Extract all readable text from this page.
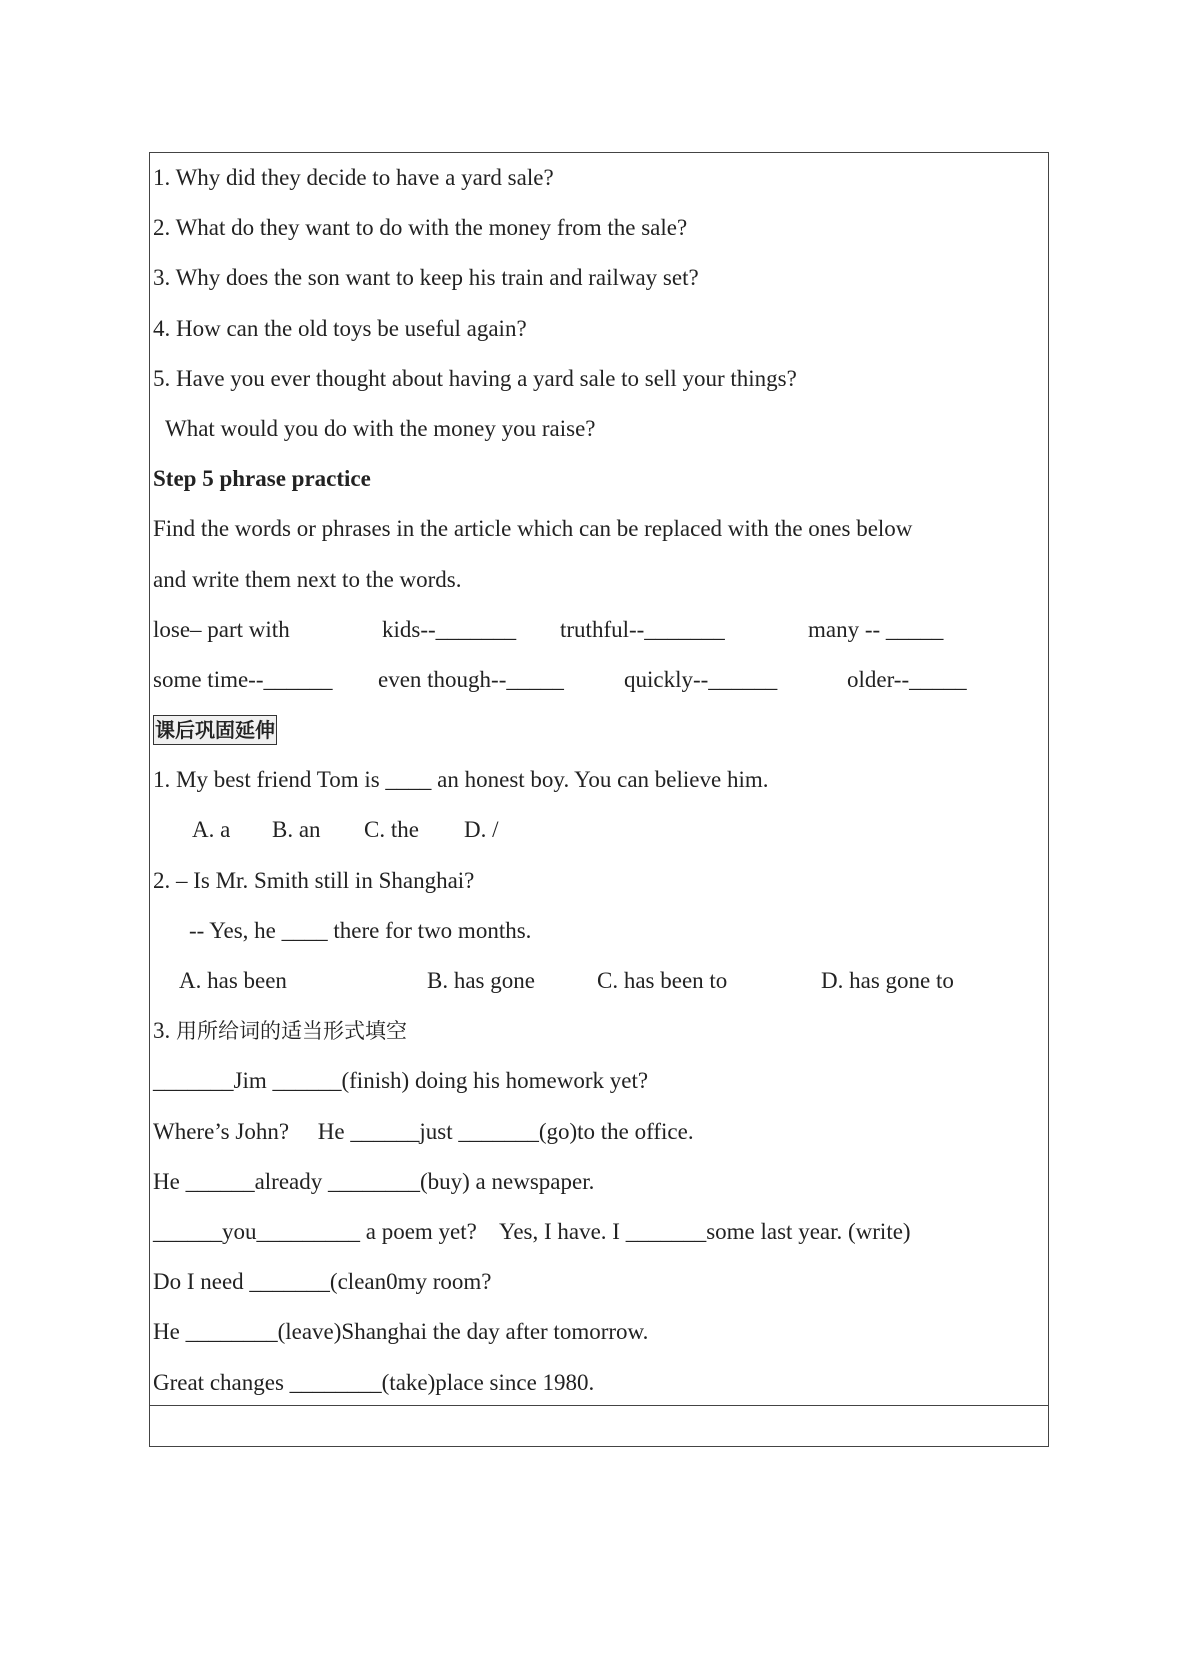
1. Why did they decide to have a yard sale?
2. What do they want to do with the money from the sale?
3. Why does the son want to keep his train and railway set?
4. How can the old toys be useful again?
5. Have you ever thought about having a yard sale to sell your things?
What would you do with the money you raise?
Step 5 phrase practice
Find the words or phrases in the article which can be replaced with the ones below
and write them next to the words.
lose– part with	kids--_______	truthful--_______	many -- _____
some time--______	even though--_____	quickly--______	older--_____
课后巩固延伸
1. My best friend Tom is ____ an honest boy. You can believe him.
A. a	B. an	C. the	D. /
2. – Is Mr. Smith still in Shanghai?
-- Yes, he ____ there for two months.
A. has been	B. has gone	C. has been to	D. has gone to
3. 用所给词的适当形式填空
_______Jim ______(finish) doing his homework yet?
Where’s John?     He ______just _______(go)to the office.
He ______already ________(buy) a newspaper.
______you_________ a poem yet?    Yes, I have. I _______some last year. (write)
Do I need _______(clean0my room?
He ________(leave)Shanghai the day after tomorrow.
Great changes ________(take)place since 1980.
